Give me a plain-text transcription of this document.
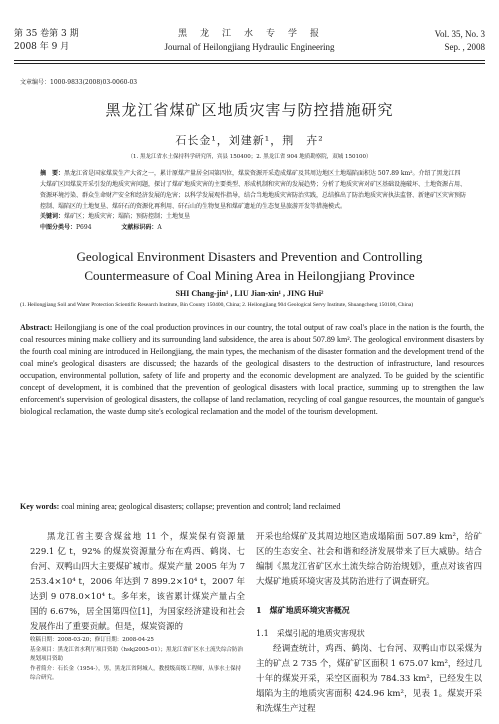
第 35 卷第 3 期
2008 年 9 月
黑　龙　江　水　专　学　报
Journal of Heilongjiang Hydraulic Engineering
Vol. 35, No. 3
Sep. , 2008
文章编号：1000-9833(2008)03-0060-03
黑龙江省煤矿区地质灾害与防控措施研究
石长金¹，刘建新¹，荆　卉²
（1. 黑龙江省水土保持科学研究所，宾县 150400；2. 黑龙江省 904 地质勘察院，双城 150100）
摘　要：黑龙江省是国家煤炭生产大省之一，累计原煤产量居全国第四位，煤炭资源开采造成煤矿及其周边地区土地塌陷面积达 507.89 km²。介绍了黑龙江四大煤矿区因煤炭开采引发的地质灾害问题，探讨了煤矿地质灾害的主要类型、形成机制和灾害的发展趋势；分析了地质灾害对矿区基础设施破坏、土地资源占用、资源环境污染、群众生命财产安全和经济发展的危害；以科学发展观作指导，结合当地地质灾害防治实践，总结推出了防治地质灾害执法监督、新建矿区灾害预防控制、塌陷区的土地复垦、煤矸石的资源化再利用、矸石山的生物复垦和煤矿遗址的生态复垦旅游开发等措施模式。
关键词：煤矿区；地质灾害；塌陷；预防控制；土地复垦
中图分类号：P694	文献标识码：A
Geological Environment Disasters and Prevention and Controlling
Countermeasure of Coal Mining Area in Heilongjiang Province
SHI Chang-jin¹ , LIU Jian-xin¹ , JING Hui²
(1. Heilongjiang Soil and Water Protection Scientific Research Institute, Bin County 150400, China; 2. Heilongjiang 904 Geological Servy Institute, Shuangcheng 150100, China)
Abstract: Heilongjiang is one of the coal production provinces in our country, the total output of raw coal's place in the nation is the fourth, the coal resources mining make colliery and its surrounding land subsidence, the area is about 507.89 km². The geological environment disasters by the fourth coal mining are introduced in Heilongjiang, the main types, the mechanism of the disaster formation and the development trend of the coal mine's geological disasters are discussed; the hazards of the geological disasters to the destruction of infrastructure, land resources occupation, environmental pollution, safety of life and property and the economic development are analyzed. To be guided by the scientific concept of development, it is combined that the prevention of geological disasters with local practice, summing up to strengthen the law enforcement's supervision of geological disasters, the collapse of land reclamation, recycling of coal gangue resources, the mountain of gangue's biological reclamation, the waste dump site's ecological reclamation and the model of the tourism development.
Key words: coal mining area; geological disasters; collapse; prevention and control; land reclaimed
黑龙江省主要含煤盆地 11 个，煤炭保有资源量 229.1 亿 t，92% 的煤炭资源量分布在鸡西、鹤岗、七台河、双鸭山四大主要煤矿城市。煤炭产量 2005 年为 7 253.4×10⁴ t，2006 年达到 7 899.2×10⁴ t，2007 年达到 9 078.0×10⁴ t。多年来，该省累计煤炭产量占全国的 6.67%，居全国第四位[1]，为国家经济建设和社会发展作出了重要贡献。但是，煤炭资源的
收稿日期：2008-03-20；修订日期：2008-04-25
基金项目：黑龙江省水利厅项目资助（hskj2005-01）；黑龙江省矿区水土流失综合防治规划项目资助
作者简介：石长金（1954-），男，黑龙江省阿城人，教授级高级工程师，从事水土保持综合研究。
开采也给煤矿及其周边地区造成塌陷面 507.89 km²，给矿区的生态安全、社会和谐和经济发展带来了巨大威胁。结合编制《黑龙江省矿区水土流失综合防治规划》，重点对该省四大煤矿地质环境灾害及其防治进行了调查研究。
1　煤矿地质环境灾害概况
1.1　采煤引起的地质灾害现状
经调查统计，鸡西、鹤岗、七台河、双鸭山市以采煤为主的矿点 2 735 个，煤矿矿区面积 1 675.07 km²，经过几十年的煤炭开采，采空区面积为 784.33 km²，已经发生以塌陷为主的地质灾害面积 424.96 km²，见表 1。煤炭开采和洗煤生产过程
